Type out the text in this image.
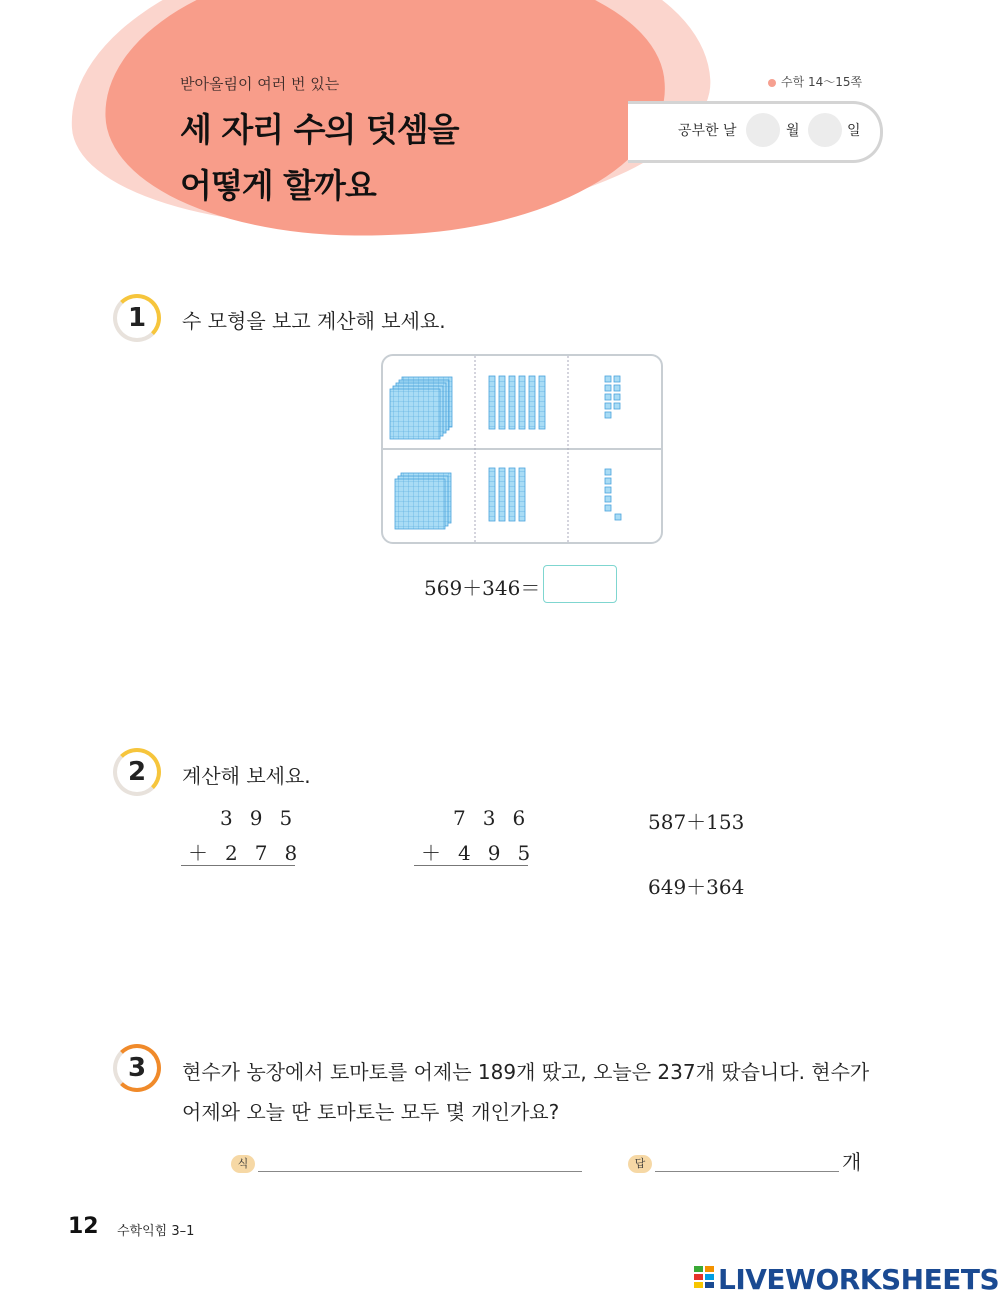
받아올림이 여러 번 있는
세 자리 수의 덧셈을
어떻게 할까요
수학 14～15쪽
공부한 날	월	일
1	수 모형을 보고 계산해 보세요.
569＋346＝
2	계산해 보세요.
395
＋278
736
＋495
587＋153
649＋364
3	현수가 농장에서 토마토를 어제는 189개 땄고, 오늘은 237개 땄습니다. 현수가
어제와 오늘 딴 토마토는 모두 몇 개인가요?
식	답	개
12 수학익힘 3–1
LIVEWORKSHEETS
